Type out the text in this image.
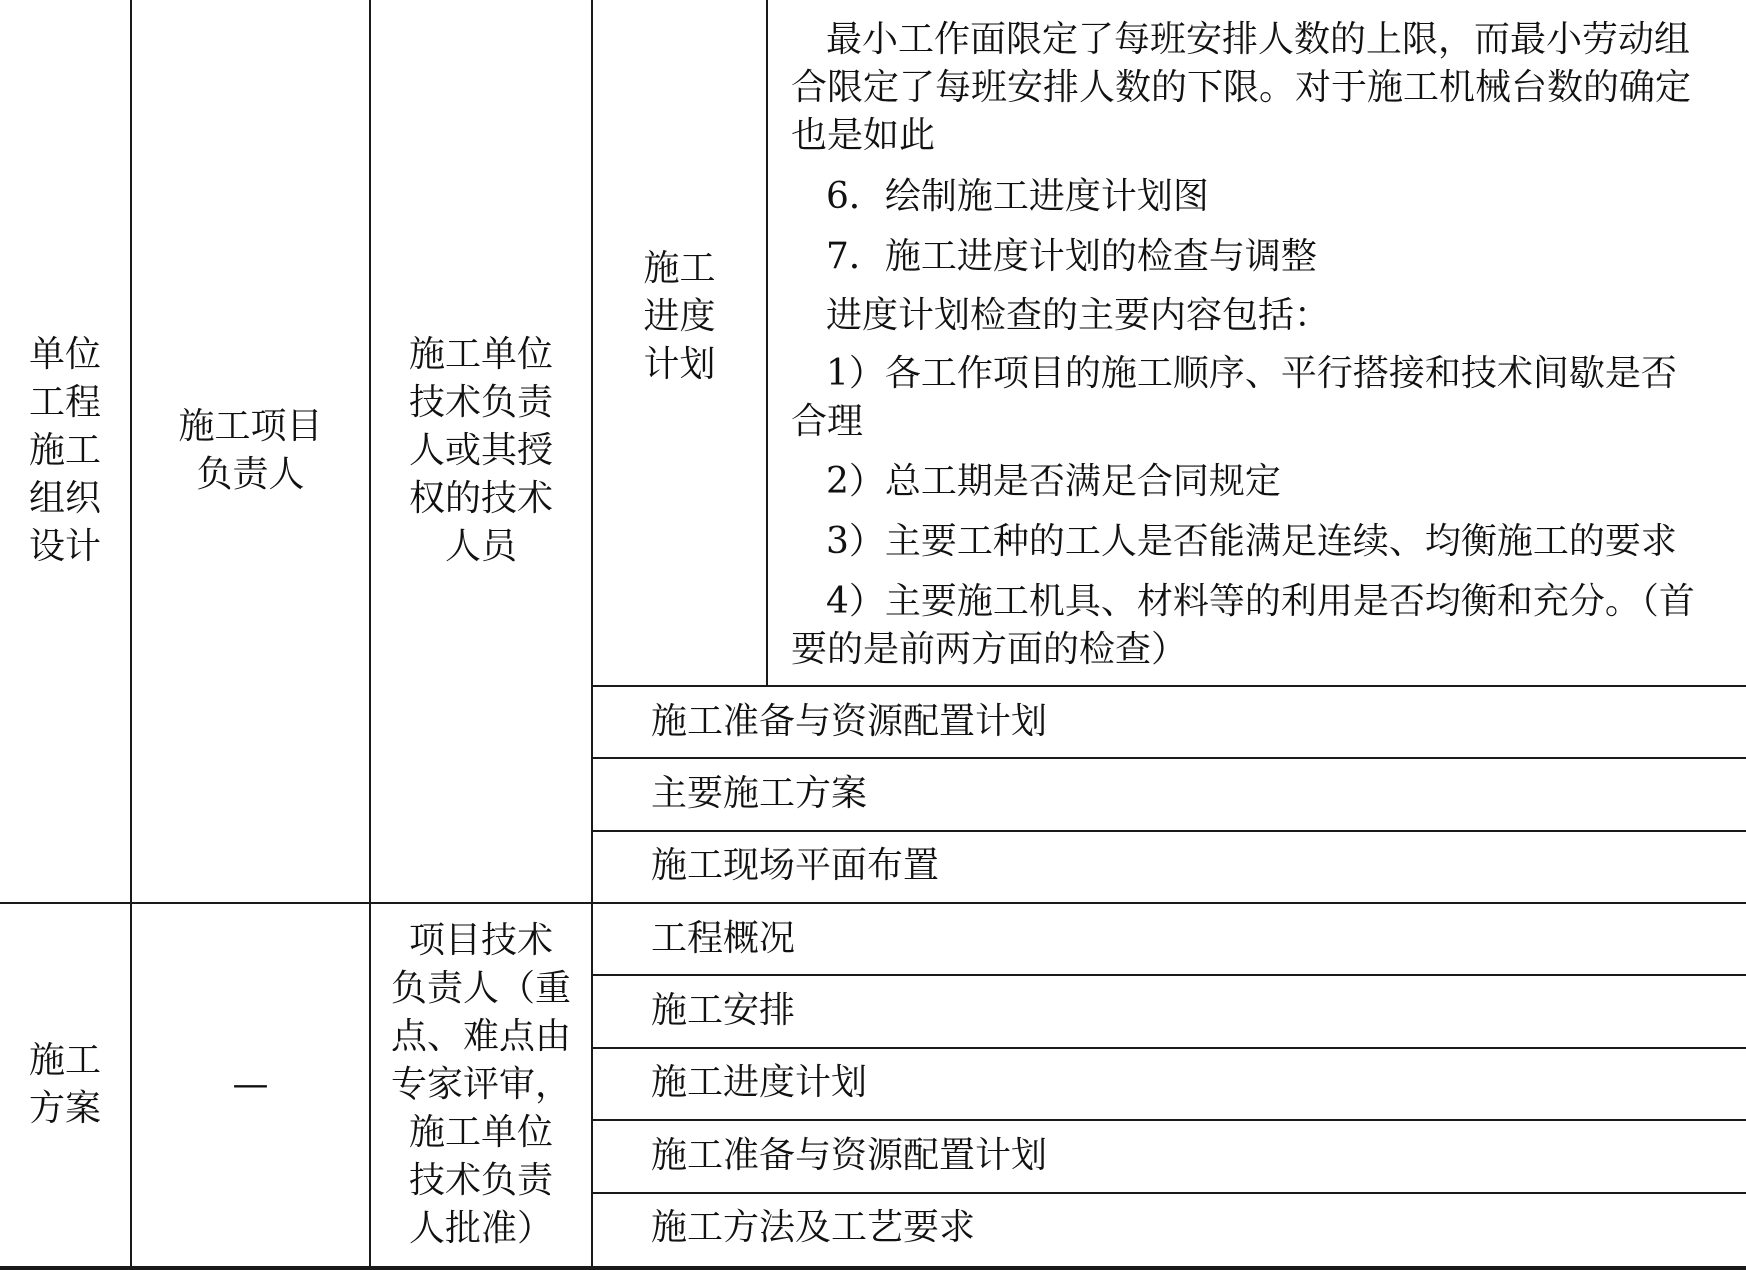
单位
工程
施工
组织
设计
施工项目
负责人
施工单位
技术负责
人或其授
权的技术
人员
施工
进度
计划
最小工作面限定了每班安排人数的上限，而最小劳动组
合限定了每班安排人数的下限。对于施工机械台数的确定
也是如此
6．绘制施工进度计划图
7．施工进度计划的检查与调整
进度计划检查的主要内容包括：
1）各工作项目的施工顺序、平行搭接和技术间歇是否
合理
2）总工期是否满足合同规定
3）主要工种的工人是否能满足连续、均衡施工的要求
4）主要施工机具、材料等的利用是否均衡和充分。（首
要的是前两方面的检查）
施工准备与资源配置计划
主要施工方案
施工现场平面布置
施工
方案
—
项目技术
负责人（重
点、难点由
专家评审，
施工单位
技术负责
人批准）
工程概况
施工安排
施工进度计划
施工准备与资源配置计划
施工方法及工艺要求
